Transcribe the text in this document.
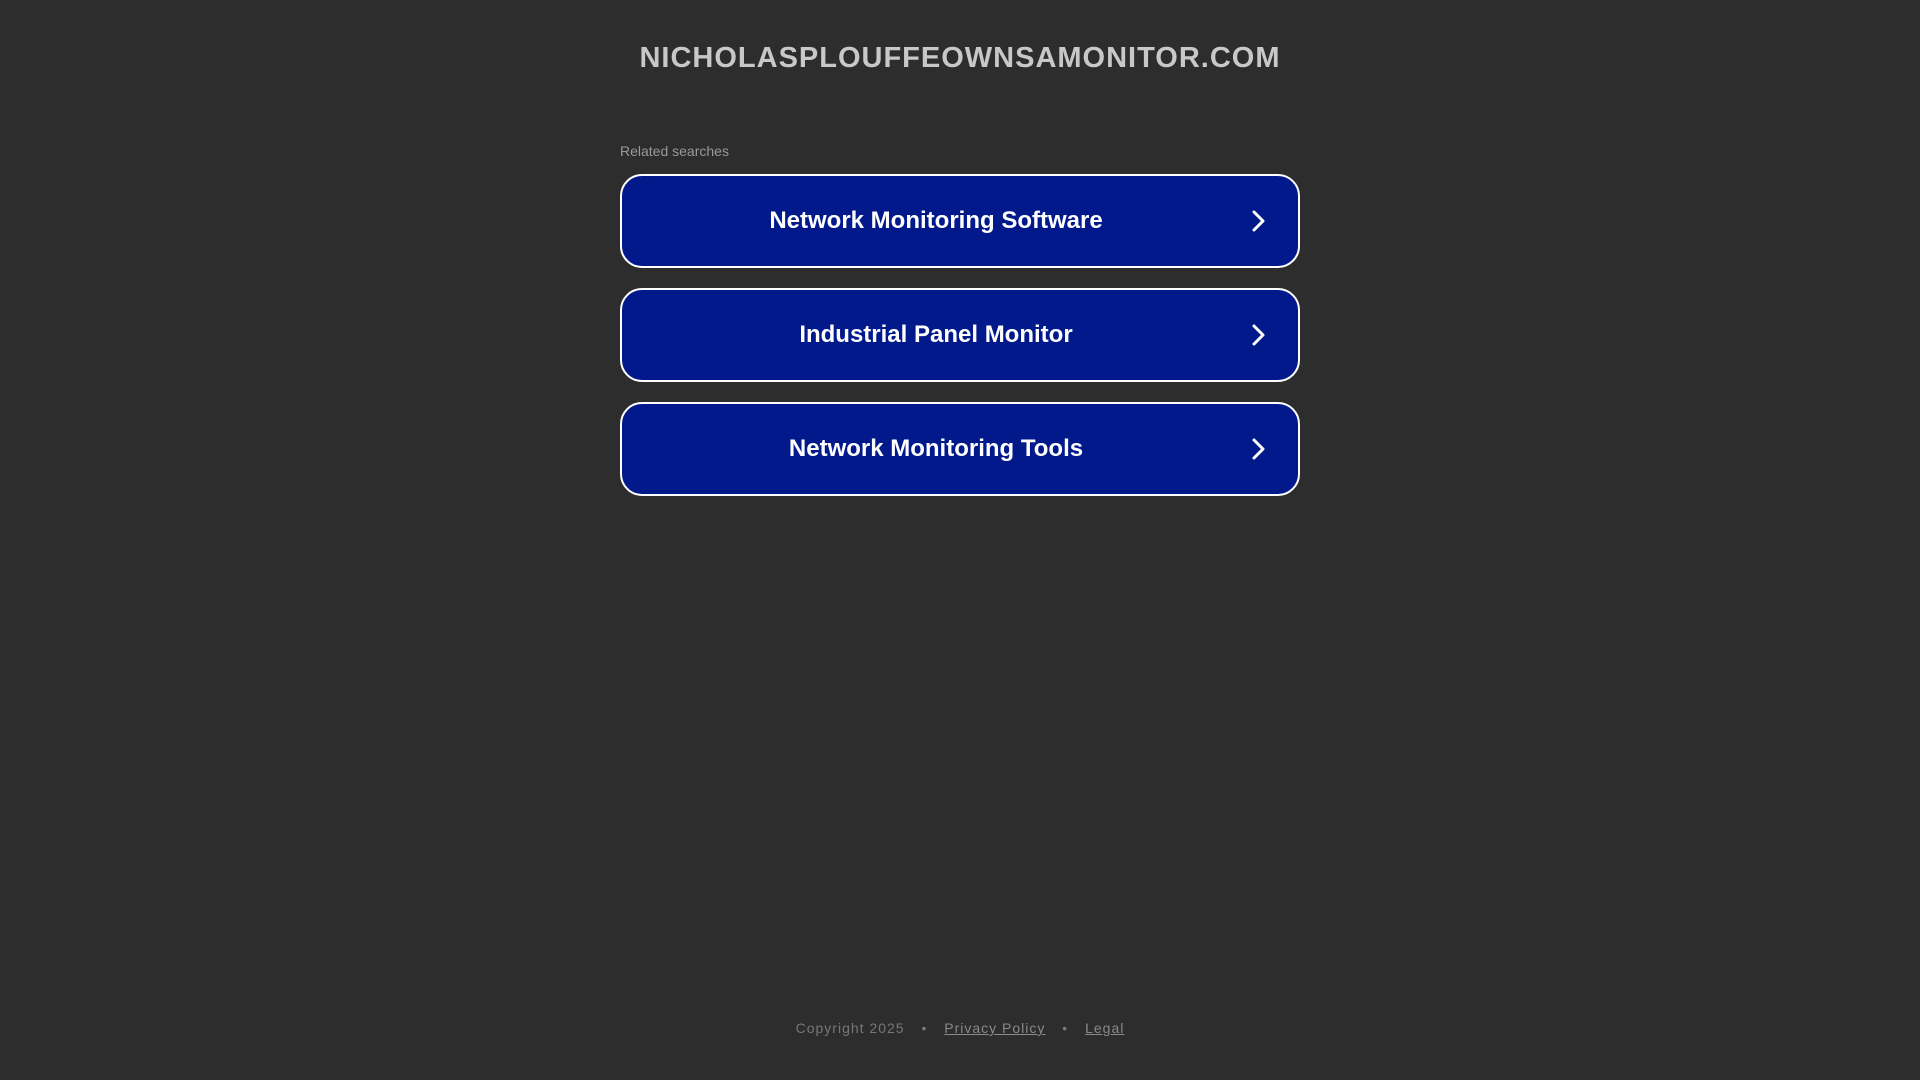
NICHOLASPLOUFFEOWNSAMONITOR.COM
Related searches
Network Monitoring Software
Industrial Panel Monitor
Network Monitoring Tools
Copyright 2025 • Privacy Policy • Legal
